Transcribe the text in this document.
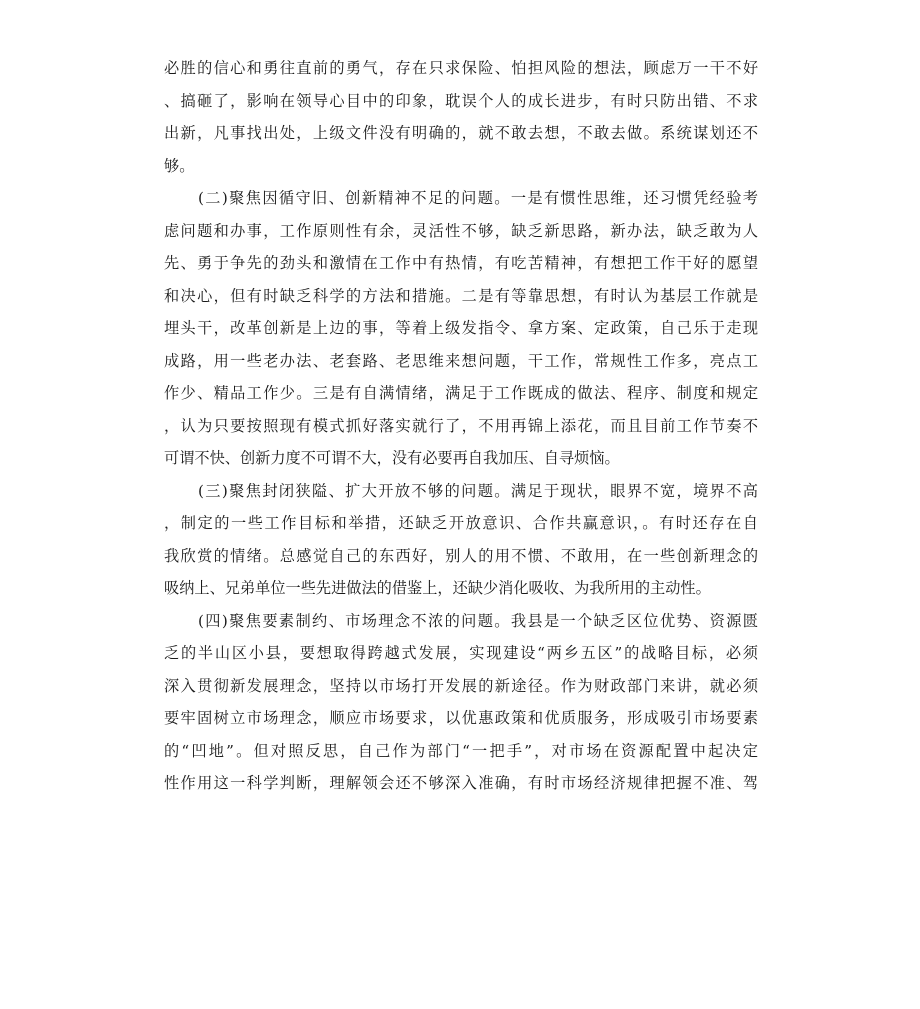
必胜的信心和勇往直前的勇气，存在只求保险、怕担风险的想法，顾虑万一干不好
、搞砸了，影响在领导心目中的印象，耽误个人的成长进步，有时只防出错、不求
出新，凡事找出处，上级文件没有明确的，就不敢去想，不敢去做。系统谋划还不
够。
(二)聚焦因循守旧、创新精神不足的问题。一是有惯性思维，还习惯凭经验考
虑问题和办事，工作原则性有余，灵活性不够，缺乏新思路，新办法，缺乏敢为人
先、勇于争先的劲头和激情在工作中有热情，有吃苦精神，有想把工作干好的愿望
和决心，但有时缺乏科学的方法和措施。二是有等靠思想，有时认为基层工作就是
埋头干，改革创新是上边的事，等着上级发指令、拿方案、定政策，自己乐于走现
成路，用一些老办法、老套路、老思维来想问题，干工作，常规性工作多，亮点工
作少、精品工作少。三是有自满情绪，满足于工作既成的做法、程序、制度和规定
，认为只要按照现有模式抓好落实就行了，不用再锦上添花，而且目前工作节奏不
可谓不快、创新力度不可谓不大，没有必要再自我加压、自寻烦恼。
(三)聚焦封闭狭隘、扩大开放不够的问题。满足于现状，眼界不宽，境界不高
，制定的一些工作目标和举措，还缺乏开放意识、合作共赢意识，。有时还存在自
我欣赏的情绪。总感觉自己的东西好，别人的用不惯、不敢用，在一些创新理念的
吸纳上、兄弟单位一些先进做法的借鉴上，还缺少消化吸收、为我所用的主动性。
(四)聚焦要素制约、市场理念不浓的问题。我县是一个缺乏区位优势、资源匮
乏的半山区小县，要想取得跨越式发展，实现建设“两乡五区”的战略目标，必须
深入贯彻新发展理念，坚持以市场打开发展的新途径。作为财政部门来讲，就必须
要牢固树立市场理念，顺应市场要求，以优惠政策和优质服务，形成吸引市场要素
的“凹地”。但对照反思，自己作为部门“一把手”，对市场在资源配置中起决定
性作用这一科学判断，理解领会还不够深入准确，有时市场经济规律把握不准、驾
